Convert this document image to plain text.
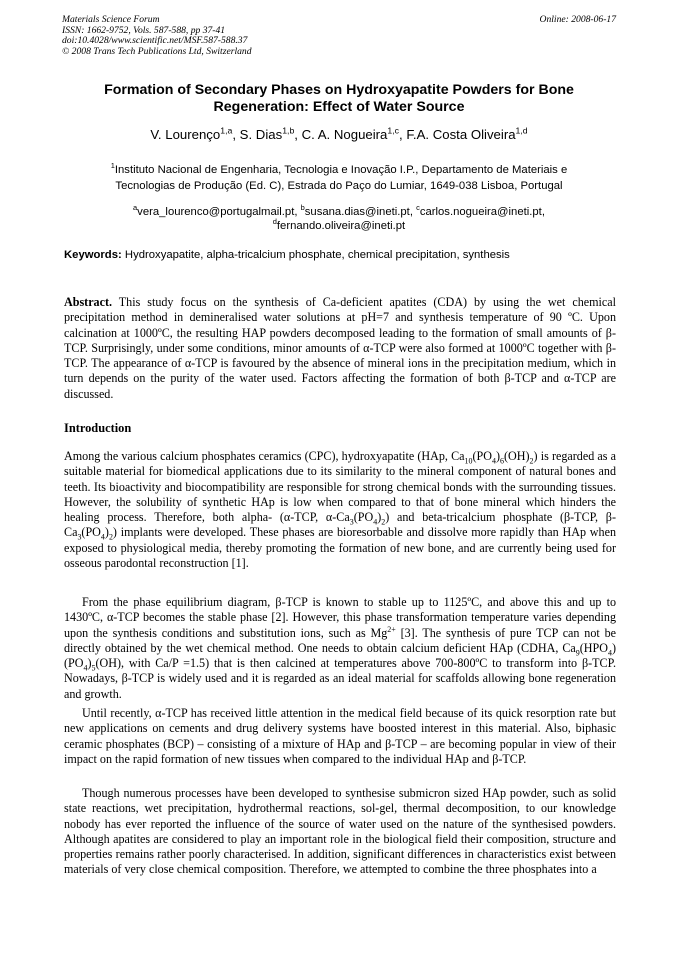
Materials Science Forum
ISSN: 1662-9752, Vols. 587-588, pp 37-41
doi:10.4028/www.scientific.net/MSF.587-588.37
© 2008 Trans Tech Publications Ltd, Switzerland
Online: 2008-06-17
Formation of Secondary Phases on Hydroxyapatite Powders for Bone Regeneration: Effect of Water Source
V. Lourenço$^{1,a}$, S. Dias$^{1,b}$, C. A. Nogueira$^{1,c}$, F.A. Costa Oliveira$^{1,d}$
$^1$Instituto Nacional de Engenharia, Tecnologia e Inovação I.P., Departamento de Materiais e
Tecnologias de Produção (Ed. C), Estrada do Paço do Lumiar, 1649-038 Lisboa, Portugal
$^a$vera_lourenco@portugalmail.pt, $^b$susana.dias@ineti.pt, $^c$carlos.nogueira@ineti.pt,
$^d$fernando.oliveira@ineti.pt
Keywords: Hydroxyapatite, alpha-tricalcium phosphate, chemical precipitation, synthesis
Abstract. This study focus on the synthesis of Ca-deficient apatites (CDA) by using the wet chemical precipitation method in demineralised water solutions at pH=7 and synthesis temperature of 90 ºC. Upon calcination at 1000ºC, the resulting HAP powders decomposed leading to the formation of small amounts of β-TCP. Surprisingly, under some conditions, minor amounts of α-TCP were also formed at 1000ºC together with β-TCP. The appearance of α-TCP is favoured by the absence of mineral ions in the precipitation medium, which in turn depends on the purity of the water used. Factors affecting the formation of both β-TCP and α-TCP are discussed.
Introduction
Among the various calcium phosphates ceramics (CPC), hydroxyapatite (HAp, $Ca_{10}(PO_4)_6(OH)_2$) is regarded as a suitable material for biomedical applications due to its similarity to the mineral component of natural bones and teeth. Its bioactivity and biocompatibility are responsible for strong chemical bonds with the surrounding tissues. However, the solubility of synthetic HAp is low when compared to that of bone mineral which hinders the healing process. Therefore, both alpha- (α-TCP, $\alpha-Ca_3(PO_4)_2$) and beta-tricalcium phosphate (β-TCP, $\beta-Ca_3(PO_4)_2$) implants were developed. These phases are bioresorbable and dissolve more rapidly than HAp when exposed to physiological media, thereby promoting the formation of new bone, and are currently being used for osseous parodontal reconstruction [1].
From the phase equilibrium diagram, β-TCP is known to stable up to 1125ºC, and above this and up to 1430ºC, α-TCP becomes the stable phase [2]. However, this phase transformation temperature varies depending upon the synthesis conditions and substitution ions, such as $Mg^{2+}$ [3]. The synthesis of pure TCP can not be directly obtained by the wet chemical method. One needs to obtain calcium deficient HAp (CDHA, $Ca_9(HPO_4)(PO_4)_5(OH)$, with Ca/P =1.5) that is then calcined at temperatures above 700-800ºC to transform into β-TCP. Nowadays, β-TCP is widely used and it is regarded as an ideal material for scaffolds allowing bone regeneration and growth.
Until recently, α-TCP has received little attention in the medical field because of its quick resorption rate but new applications on cements and drug delivery systems have boosted interest in this material. Also, biphasic ceramic phosphates (BCP) – consisting of a mixture of HAp and β-TCP – are becoming popular in view of their impact on the rapid formation of new tissues when compared to the individual HAp and β-TCP.
Though numerous processes have been developed to synthesise submicron sized HAp powder, such as solid state reactions, wet precipitation, hydrothermal reactions, sol-gel, thermal decomposition, to our knowledge nobody has ever reported the influence of the source of water used on the nature of the synthesised powders. Although apatites are considered to play an important role in the biological field their composition, structure and properties remains rather poorly characterised. In addition, significant differences in characteristics exist between materials of very close chemical composition. Therefore, we attempted to combine the three phosphates into a
